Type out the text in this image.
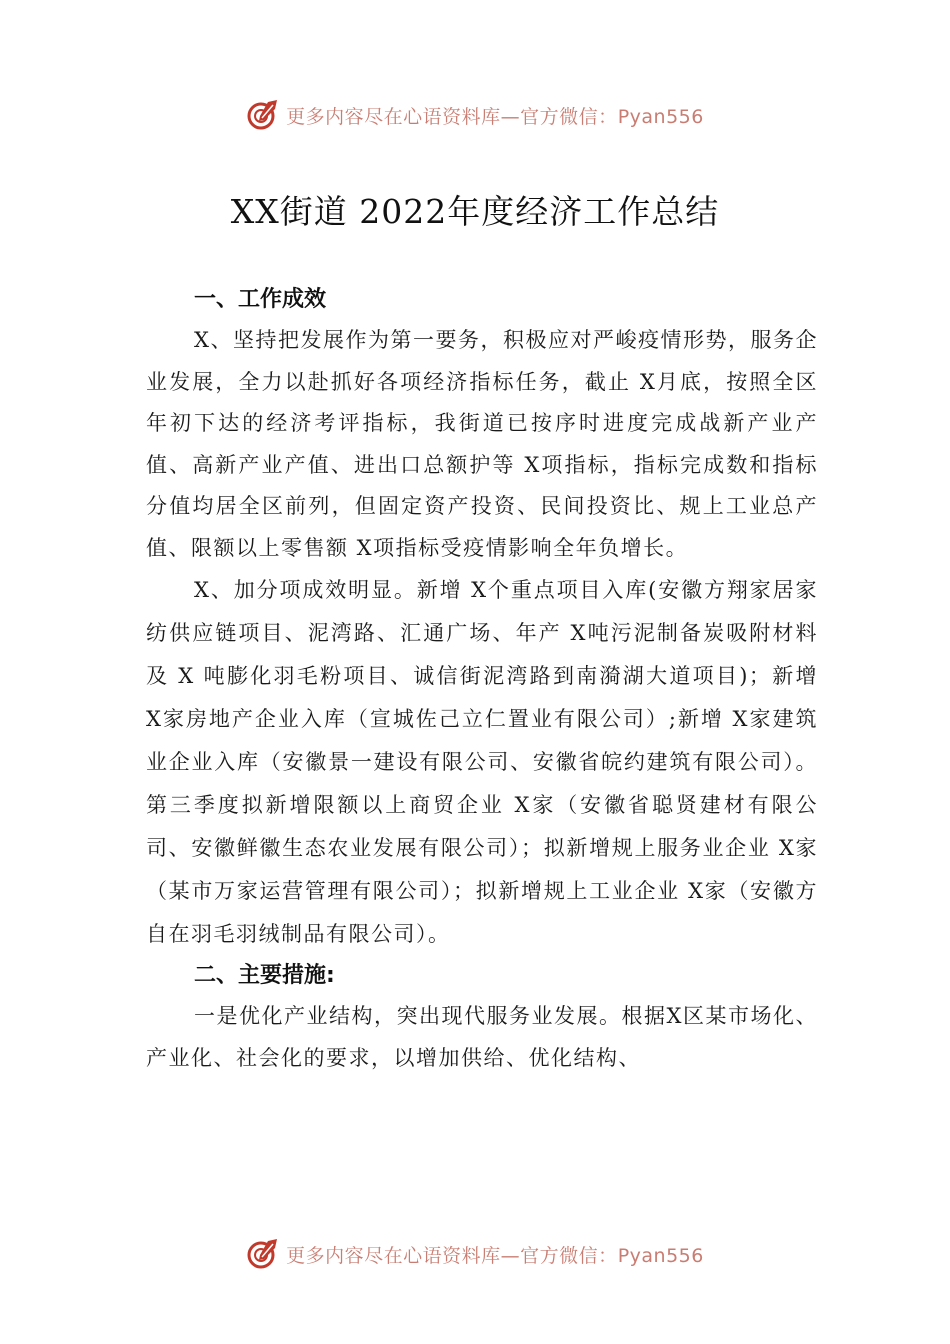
更多内容尽在心语资料库—官方微信：Pyan556
XX街道 2022年度经济工作总结

一、工作成效

X、坚持把发展作为第一要务，积极应对严峻疫情形势，服务企业发展，全力以赴抓好各项经济指标任务，截止 X月底，按照全区年初下达的经济考评指标，我街道已按序时进度完成战新产业产值、高新产业产值、进出口总额护等 X项指标，指标完成数和指标分值均居全区前列，但固定资产投资、民间投资比、规上工业总产值、限额以上零售额 X项指标受疫情影响全年负增长。

X、加分项成效明显。新增 X个重点项目入库(安徽方翔家居家纺供应链项目、泥湾路、汇通广场、年产 X吨污泥制备炭吸附材料及 X 吨膨化羽毛粉项目、诚信街泥湾路到南漪湖大道项目)；新增 X家房地产企业入库（宣城佐己立仁置业有限公司）;新增 X家建筑业企业入库（安徽景一建设有限公司、安徽省皖约建筑有限公司）。第三季度拟新增限额以上商贸企业 X家（安徽省聪贤建材有限公司、安徽鲜徽生态农业发展有限公司）；拟新增规上服务业企业 X家（某市万家运营管理有限公司）；拟新增规上工业企业 X家（安徽方自在羽毛羽绒制品有限公司）。

二、主要措施:

一是优化产业结构，突出现代服务业发展。根据X区某市场化、产业化、社会化的要求，以增加供给、优化结构、

更多内容尽在心语资料库—官方微信：Pyan556
